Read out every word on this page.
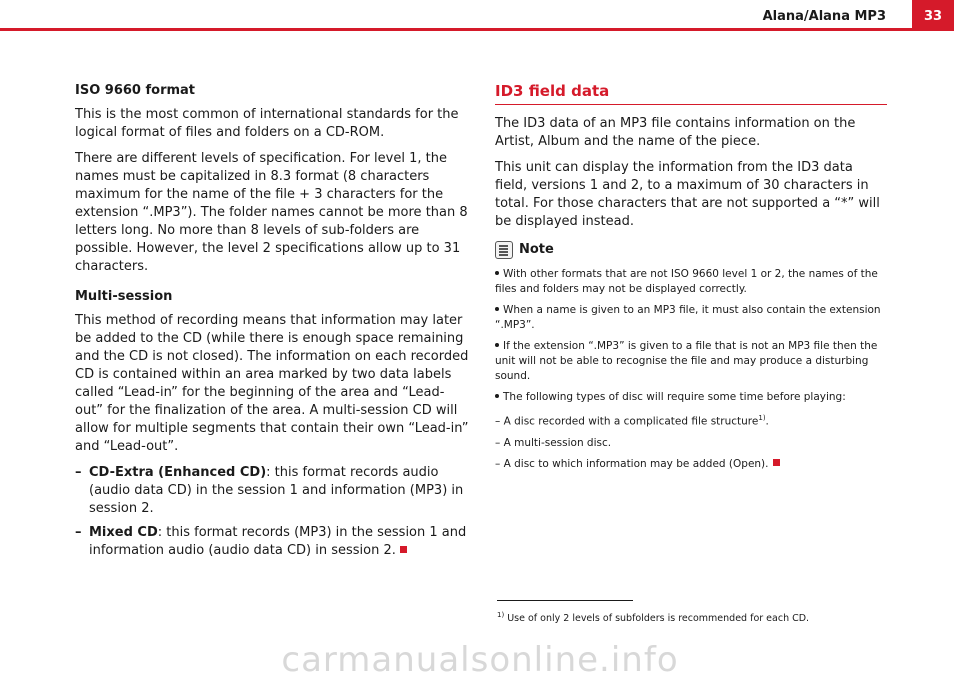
Alana/Alana MP3	33
ISO 9660 format

This is the most common of international standards for the logical format of files and folders on a CD-ROM.

There are different levels of specification. For level 1, the names must be capitalized in 8.3 format (8 characters maximum for the name of the file + 3 characters for the extension “.MP3”). The folder names cannot be more than 8 letters long. No more than 8 levels of sub-folders are possible. However, the level 2 specifications allow up to 31 characters.

Multi-session

This method of recording means that information may later be added to the CD (while there is enough space remaining and the CD is not closed). The information on each recorded CD is contained within an area marked by two data labels called “Lead-in” for the beginning of the area and “Lead-out” for the finalization of the area. A multi-session CD will allow for multiple segments that contain their own “Lead-in” and “Lead-out”.

– CD-Extra (Enhanced CD): this format records audio (audio data CD) in the session 1 and information (MP3) in session 2.
– Mixed CD: this format records (MP3) in the session 1 and information audio (audio data CD) in session 2.
ID3 field data

The ID3 data of an MP3 file contains information on the Artist, Album and the name of the piece.

This unit can display the information from the ID3 data field, versions 1 and 2, to a maximum of 30 characters in total. For those characters that are not supported a “*” will be displayed instead.

Note
With other formats that are not ISO 9660 level 1 or 2, the names of the files and folders may not be displayed correctly.
When a name is given to an MP3 file, it must also contain the extension “.MP3”.
If the extension “.MP3” is given to a file that is not an MP3 file then the unit will not be able to recognise the file and may produce a disturbing sound.
The following types of disc will require some time before playing:
– A disc recorded with a complicated file structure$^{1)}$.
– A multi-session disc.
– A disc to which information may be added (Open).
$^{1)}$ Use of only 2 levels of subfolders is recommended for each CD.
carmanualsonline.info
